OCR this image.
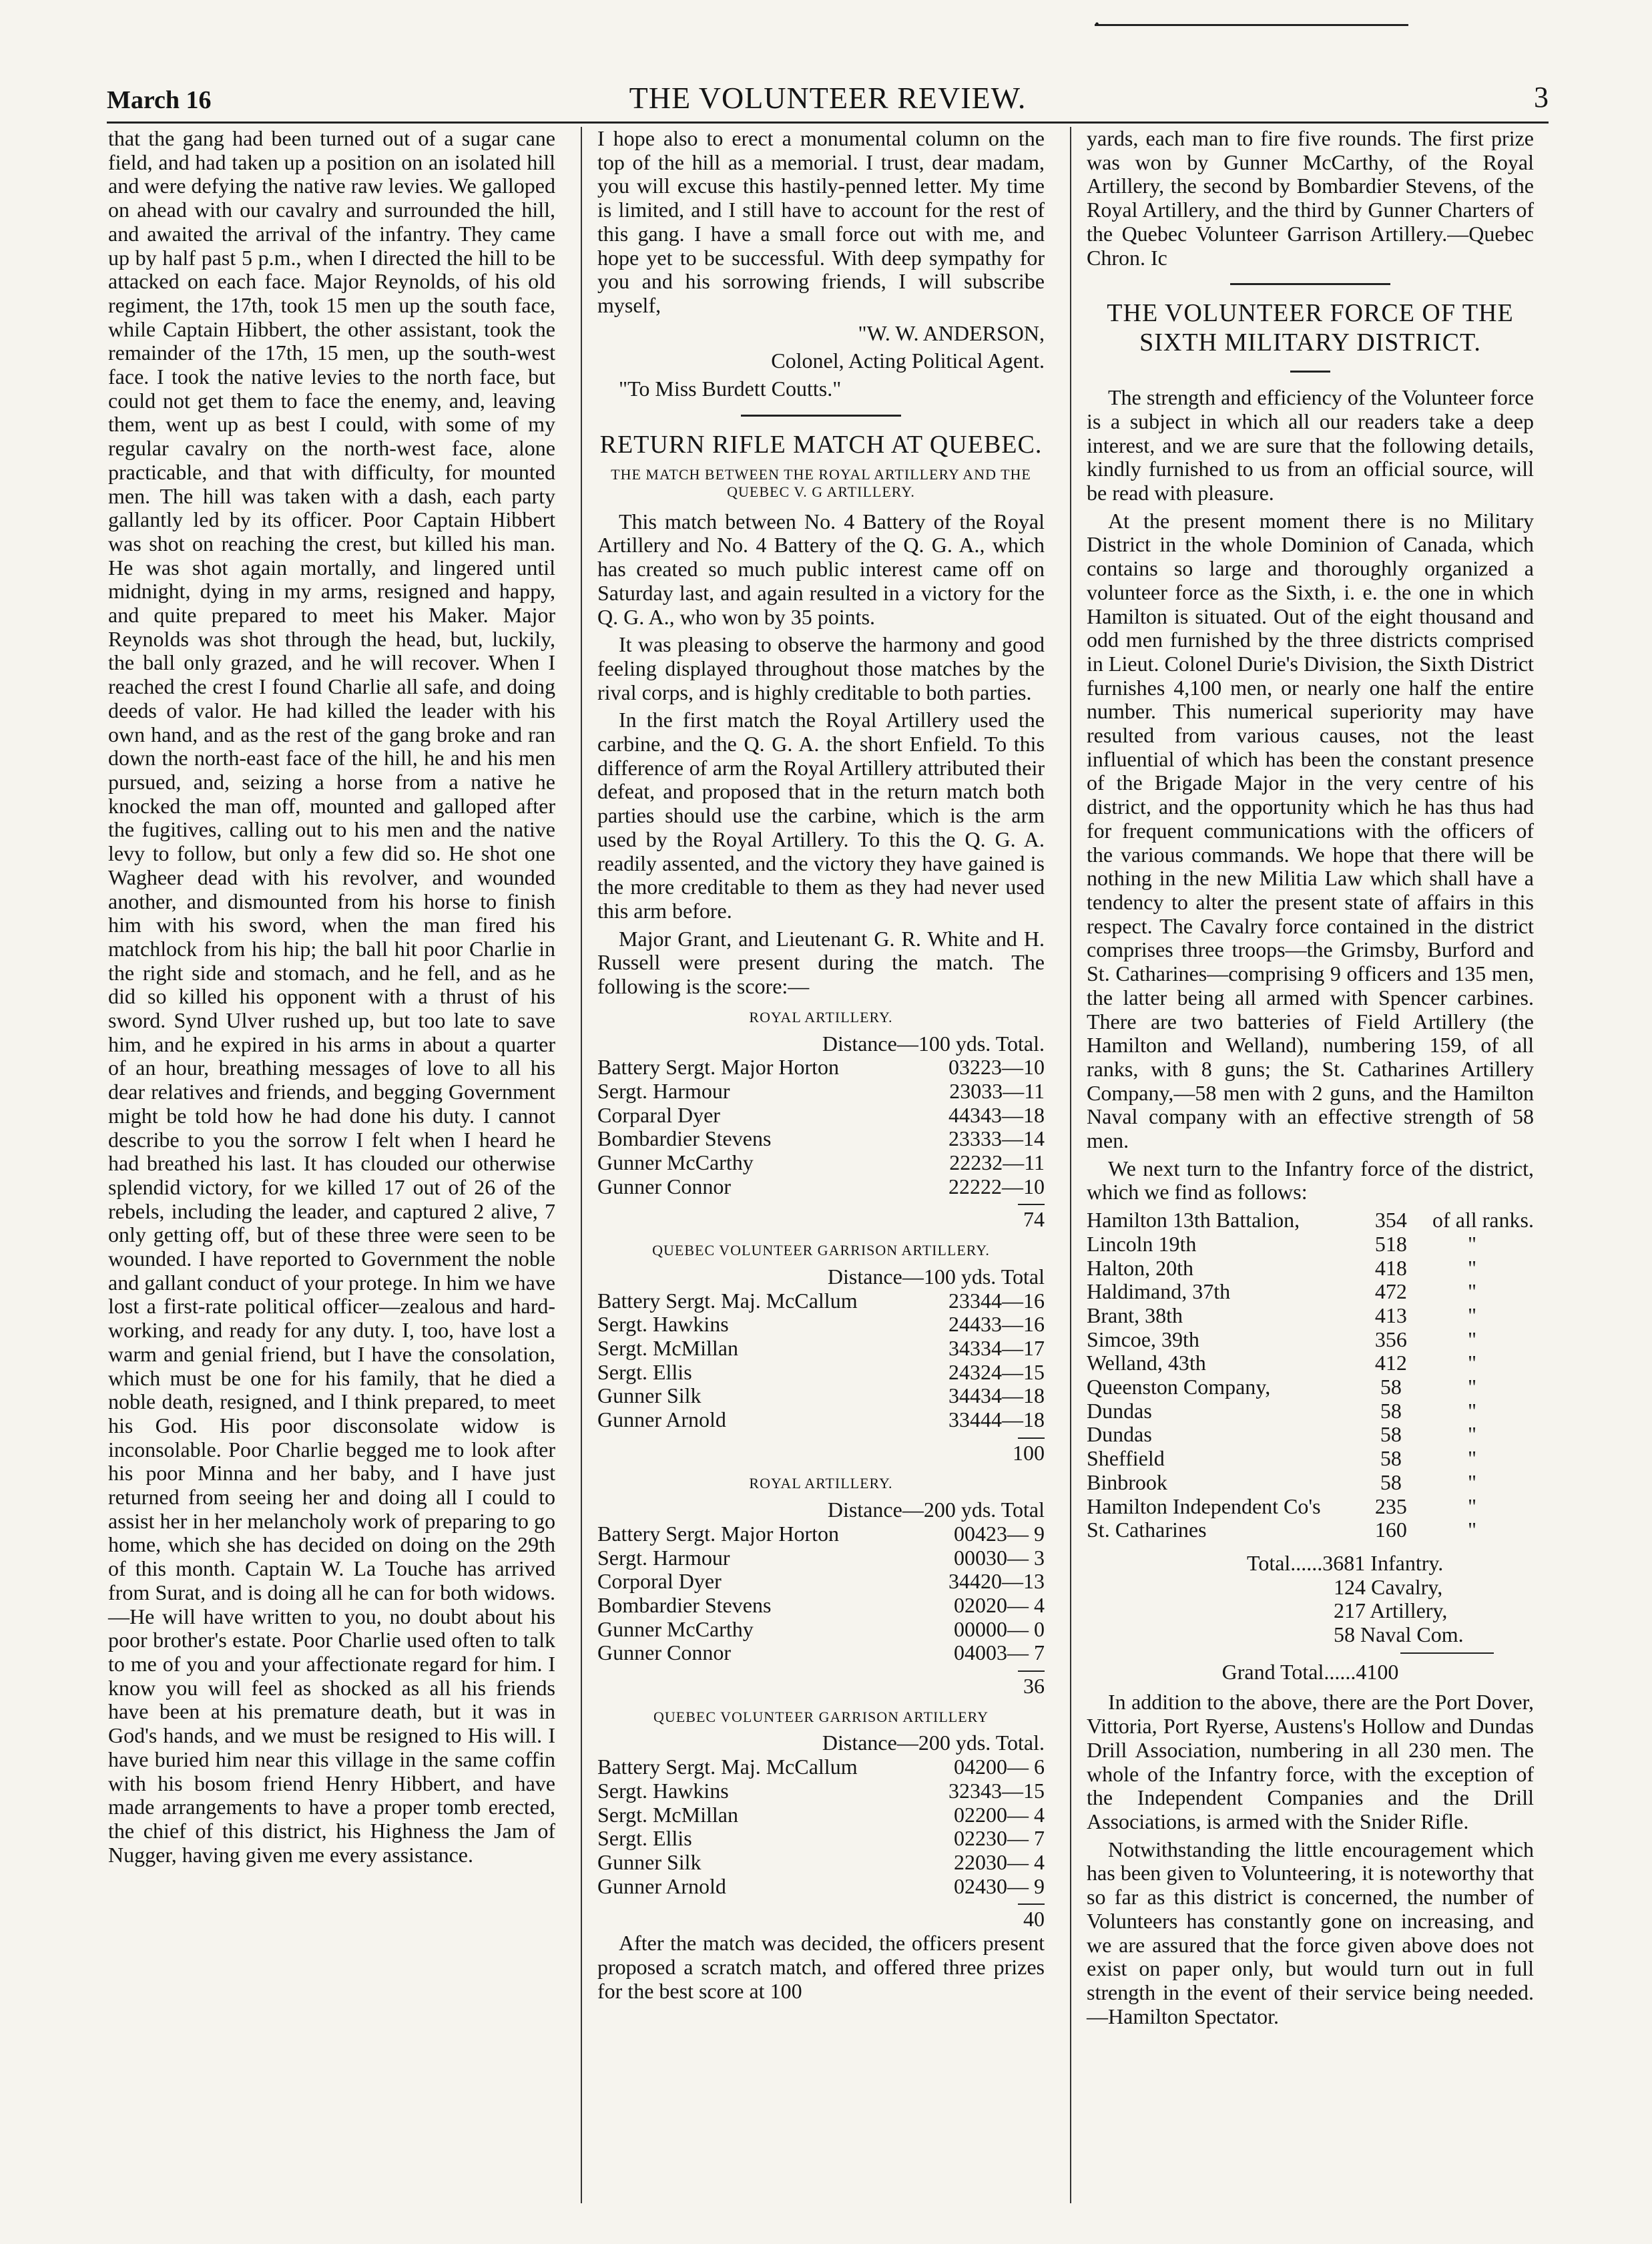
March 16	THE VOLUNTEER REVIEW.	3

that the gang had been turned out of a sugar cane field, and had taken up a position on an isolated hill and were defying the native raw levies. We galloped on ahead with our cavalry and surrounded the hill, and awaited the arrival of the infantry. They came up by half past 5 p.m., when I directed the hill to be attacked on each face. Major Reynolds, of his old regiment, the 17th, took 15 men up the south face, while Captain Hibbert, the other assistant, took the remainder of the 17th, 15 men, up the south-west face. I took the native levies to the north face, but could not get them to face the enemy, and, leaving them, went up as best I could, with some of my regular cavalry on the north-west face, alone practicable, and that with difficulty, for mounted men. The hill was taken with a dash, each party gallantly led by its officer. Poor Captain Hibbert was shot on reaching the crest, but killed his man. He was shot again mortally, and lingered until midnight, dying in my arms, resigned and happy, and quite prepared to meet his Maker. Major Reynolds was shot through the head, but, luckily, the ball only grazed, and he will recover. When I reached the crest I found Charlie all safe, and doing deeds of valor. He had killed the leader with his own hand, and as the rest of the gang broke and ran down the north-east face of the hill, he and his men pursued, and, seizing a horse from a native he knocked the man off, mounted and galloped after the fugitives, calling out to his men and the native levy to follow, but only a few did so. He shot one Wagheer dead with his revolver, and wounded another, and dismounted from his horse to finish him with his sword, when the man fired his matchlock from his hip; the ball hit poor Charlie in the right side and stomach, and he fell, and as he did so killed his opponent with a thrust of his sword. Synd Ulver rushed up, but too late to save him, and he expired in his arms in about a quarter of an hour, breathing messages of love to all his dear relatives and friends, and begging Government might be told how he had done his duty. I cannot describe to you the sorrow I felt when I heard he had breathed his last. It has clouded our otherwise splendid victory, for we killed 17 out of 26 of the rebels, including the leader, and captured 2 alive, 7 only getting off, but of these three were seen to be wounded. I have reported to Government the noble and gallant conduct of your protege. In him we have lost a first-rate political officer—zealous and hard-working, and ready for any duty. I, too, have lost a warm and genial friend, but I have the consolation, which must be one for his family, that he died a noble death, resigned, and I think prepared, to meet his God. His poor disconsolate widow is inconsolable. Poor Charlie begged me to look after his poor Minna and her baby, and I have just returned from seeing her and doing all I could to assist her in her melancholy work of preparing to go home, which she has decided on doing on the 29th of this month. Captain W. La Touche has arrived from Surat, and is doing all he can for both widows.—He will have written to you, no doubt about his poor brother's estate. Poor Charlie used often to talk to me of you and your affectionate regard for him. I know you will feel as shocked as all his friends have been at his premature death, but it was in God's hands, and we must be resigned to His will. I have buried him near this village in the same coffin with his bosom friend Henry Hibbert, and have made arrangements to have a proper tomb erected, the chief of this district, his Highness the Jam of Nugger, having given me every assistance.

I hope also to erect a monumental column on the top of the hill as a memorial. I trust, dear madam, you will excuse this hastily-penned letter. My time is limited, and I still have to account for the rest of this gang. I have a small force out with me, and hope yet to be successful. With deep sympathy for you and his sorrowing friends, I will subscribe myself,

"W. W. ANDERSON,

Colonel, Acting Political Agent.

"To Miss Burdett Coutts."

RETURN RIFLE MATCH AT QUEBEC.
THE MATCH BETWEEN THE ROYAL ARTILLERY AND THE QUEBEC V. G ARTILLERY.

This match between No. 4 Battery of the Royal Artillery and No. 4 Battery of the Q. G. A., which has created so much public interest came off on Saturday last, and again resulted in a victory for the Q. G. A., who won by 35 points.

It was pleasing to observe the harmony and good feeling displayed throughout those matches by the rival corps, and is highly creditable to both parties.

In the first match the Royal Artillery used the carbine, and the Q. G. A. the short Enfield. To this difference of arm the Royal Artillery attributed their defeat, and proposed that in the return match both parties should use the carbine, which is the arm used by the Royal Artillery. To this the Q. G. A. readily assented, and the victory they have gained is the more creditable to them as they had never used this arm before.

Major Grant, and Lieutenant G. R. White and H. Russell were present during the match. The following is the score:—

ROYAL ARTILLERY.
Distance—100 yds. Total.
Battery Sergt. Major Horton	03223—10
Sergt. Harmour	23033—11
Corparal Dyer	44343—18
Bombardier Stevens	23333—14
Gunner McCarthy	22232—11
Gunner Connor	22222—10
74
QUEBEC VOLUNTEER GARRISON ARTILLERY.
Distance—100 yds. Total
Battery Sergt. Maj. McCallum	23344—16
Sergt. Hawkins	24433—16
Sergt. McMillan	34334—17
Sergt. Ellis	24324—15
Gunner Silk	34434—18
Gunner Arnold	33444—18
100
ROYAL ARTILLERY.
Distance—200 yds. Total
Battery Sergt. Major Horton	00423— 9
Sergt. Harmour	00030— 3
Corporal Dyer	34420—13
Bombardier Stevens	02020— 4
Gunner McCarthy	00000— 0
Gunner Connor	04003— 7
36
QUEBEC VOLUNTEER GARRISON ARTILLERY
Distance—200 yds. Total.
Battery Sergt. Maj. McCallum	04200— 6
Sergt. Hawkins	32343—15
Sergt. McMillan	02200— 4
Sergt. Ellis	02230— 7
Gunner Silk	22030— 4
Gunner Arnold	02430— 9
40

After the match was decided, the officers present proposed a scratch match, and offered three prizes for the best score at 100

yards, each man to fire five rounds. The first prize was won by Gunner McCarthy, of the Royal Artillery, the second by Bombardier Stevens, of the Royal Artillery, and the third by Gunner Charters of the Quebec Volunteer Garrison Artillery.—Quebec Chron. Ic

THE VOLUNTEER FORCE OF THE SIXTH MILITARY DISTRICT.

The strength and efficiency of the Volunteer force is a subject in which all our readers take a deep interest, and we are sure that the following details, kindly furnished to us from an official source, will be read with pleasure.

At the present moment there is no Military District in the whole Dominion of Canada, which contains so large and thoroughly organized a volunteer force as the Sixth, i. e. the one in which Hamilton is situated. Out of the eight thousand and odd men furnished by the three districts comprised in Lieut. Colonel Durie's Division, the Sixth District furnishes 4,100 men, or nearly one half the entire number. This numerical superiority may have resulted from various causes, not the least influential of which has been the constant presence of the Brigade Major in the very centre of his district, and the opportunity which he has thus had for frequent communications with the officers of the various commands. We hope that there will be nothing in the new Militia Law which shall have a tendency to alter the present state of affairs in this respect. The Cavalry force contained in the district comprises three troops—the Grimsby, Burford and St. Catharines—comprising 9 officers and 135 men, the latter being all armed with Spencer carbines. There are two batteries of Field Artillery (the Hamilton and Welland), numbering 159, of all ranks, with 8 guns; the St. Catharines Artillery Company,—58 men with 2 guns, and the Hamilton Naval company with an effective strength of 58 men.

We next turn to the Infantry force of the district, which we find as follows:

Hamilton 13th Battalion,	354	of all ranks.
Lincoln 19th	518	"
Halton, 20th	418	"
Haldimand, 37th	472	"
Brant, 38th	413	"
Simcoe, 39th	356	"
Welland, 43th	412	"
Queenston Company,	58	"
Dundas	58	"
Dundas	58	"
Sheffield	58	"
Binbrook	58	"
Hamilton Independent Co's	235	"
St. Catharines	160	"
Total......3681 Infantry.
124 Cavalry,
217 Artillery,
58 Naval Com.
Grand Total......4100

In addition to the above, there are the Port Dover, Vittoria, Port Ryerse, Austens's Hollow and Dundas Drill Association, numbering in all 230 men. The whole of the Infantry force, with the exception of the Independent Companies and the Drill Associations, is armed with the Snider Rifle.

Notwithstanding the little encouragement which has been given to Volunteering, it is noteworthy that so far as this district is concerned, the number of Volunteers has constantly gone on increasing, and we are assured that the force given above does not exist on paper only, but would turn out in full strength in the event of their service being needed.—Hamilton Spectator.
